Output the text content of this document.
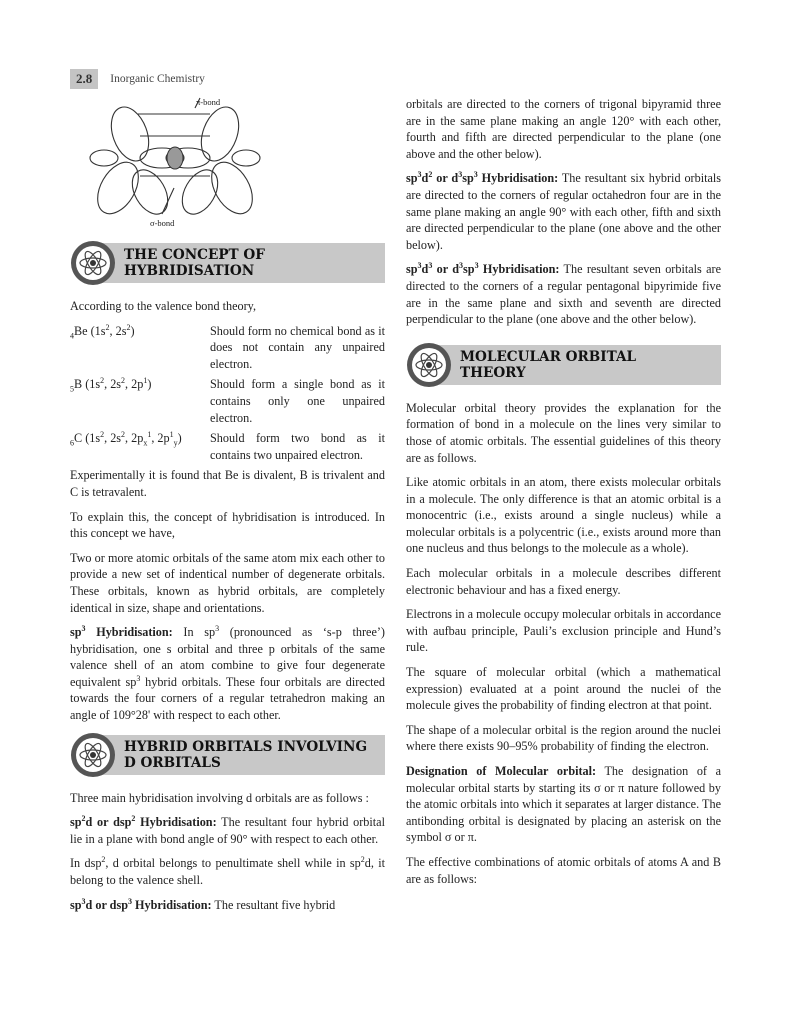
2.8	Inorganic Chemistry
π-bond
σ-bond
THE CONCEPT OF
HYBRIDISATION

According to the valence bond theory,

$_4$Be ($1s^2$, $2s^2$)	Should form no chemical bond as it does not contain any unpaired electron.
$_5$B ($1s^2$, $2s^2$, $2p^1$)	Should form a single bond as it contains only one unpaired electron.
$_6$C ($1s^2$, $2s^2$, $2p_x^1$, $2p^1_y$)	Should form two bond as it contains two unpaired electron.

Experimentally it is found that Be is divalent, B is trivalent and C is tetravalent.

To explain this, the concept of hybridisation is introduced. In this concept we have,

Two or more atomic orbitals of the same atom mix each other to provide a new set of indentical number of degenerate orbitals. These orbitals, known as hybrid orbitals, are completely identical in size, shape and orientations.

$sp^3$ Hybridisation: In $sp^3$ (pronounced as ‘s-p three’) hybridisation, one s orbital and three p orbitals of the same valence shell of an atom combine to give four degenerate equivalent $sp^3$ hybrid orbitals. These four orbitals are directed towards the four corners of a regular tetrahedron making an angle of 109°28' with respect to each other.

HYBRID ORBITALS INVOLVING
D ORBITALS

Three main hybridisation involving d orbitals are as follows :

$sp^2d$ or dsp$^2$ Hybridisation: The resultant four hybrid orbital lie in a plane with bond angle of 90° with respect to each other.

In dsp$^2$, d orbital belongs to penultimate shell while in $sp^2d$, it belong to the valence shell.

$sp^3d$ or dsp$^3$ Hybridisation: The resultant five hybrid

orbitals are directed to the corners of trigonal bipyramid three are in the same plane making an angle 120° with each other, fourth and fifth are directed perpendicular to the plane (one above and the other below).

$sp^3d^2$ or $d^3sp^3$ Hybridisation: The resultant six hybrid orbitals are directed to the corners of regular octahedron four are in the same plane making an angle 90° with each other, fifth and sixth are directed perpendicular to the plane (one above and the other below).

$sp^3d^3$ or $d^3sp^3$ Hybridisation: The resultant seven orbitals are directed to the corners of a regular pentagonal bipyrimide five are in the same plane and sixth and seventh are directed perpendicular to the plane (one above and the other below).

MOLECULAR ORBITAL
THEORY

Molecular orbital theory provides the explanation for the formation of bond in a molecule on the lines very similar to those of atomic orbitals. The essential guidelines of this theory are as follows.

Like atomic orbitals in an atom, there exists molecular orbitals in a molecule. The only difference is that an atomic orbital is a monocentric (i.e., exists around a single nucleus) while a molecular orbitals is a polycentric (i.e., exists around more than one nucleus and thus belongs to the molecule as a whole).

Each molecular orbitals in a molecule describes different electronic behaviour and has a fixed energy.

Electrons in a molecule occupy molecular orbitals in accordance with aufbau principle, Pauli’s exclusion principle and Hund’s rule.

The square of molecular orbital (which a mathematical expression) evaluated at a point around the nuclei of the molecule gives the probability of finding electron at that point.

The shape of a molecular orbital is the region around the nuclei where there exists 90–95% probability of finding the electron.

Designation of Molecular orbital: The designation of a molecular orbital starts by starting its σ or π nature followed by the atomic orbitals into which it separates at larger distance. The antibonding orbital is designated by placing an asterisk on the symbol σ or π.

The effective combinations of atomic orbitals of atoms A and B are as follows:
